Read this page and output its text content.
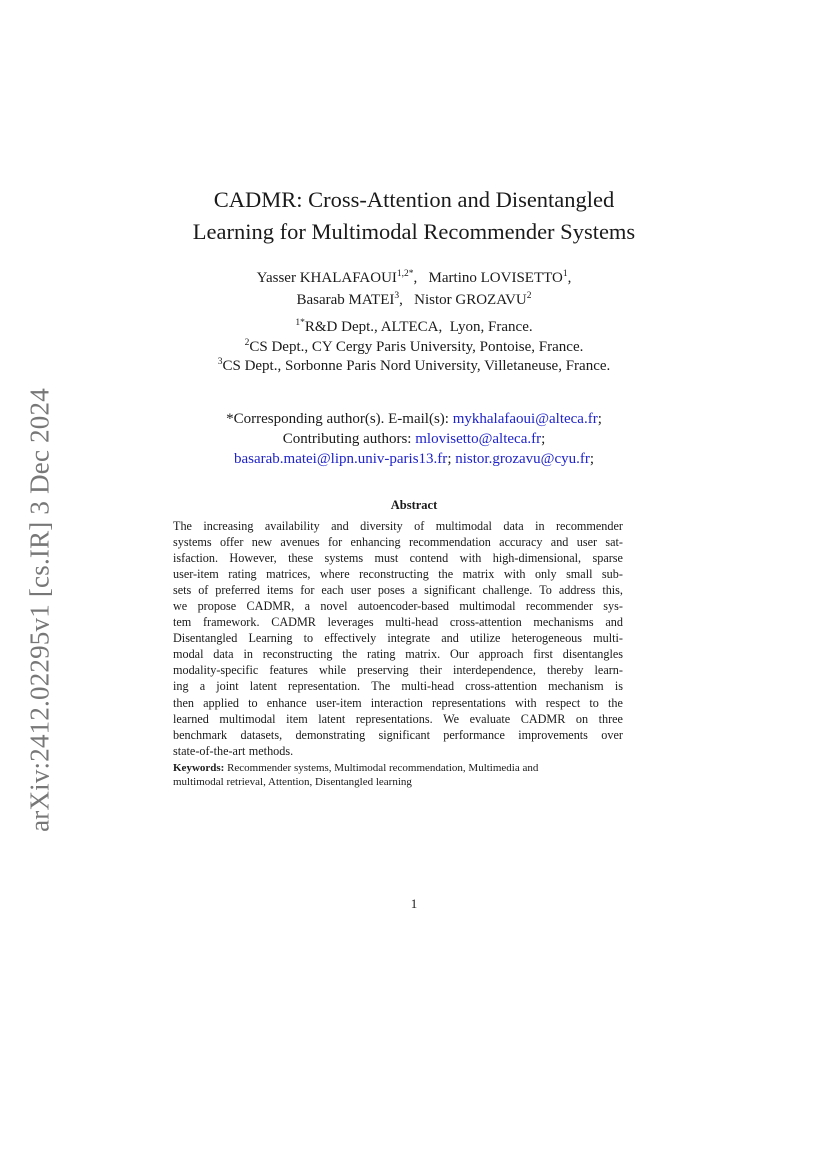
arXiv:2412.02295v1 [cs.IR] 3 Dec 2024
CADMR: Cross-Attention and Disentangled
Learning for Multimodal Recommender Systems
Yasser $KHALAFAOUI^{1,2*}$,   Martino LOVISETTO$^1$,
Basarab MATEI$^3$,   Nistor GROZAVU$^2$
$^{1*}$R&D Dept., ALTECA,  Lyon, France.
$^2$CS Dept., CY Cergy Paris University, Pontoise, France.
$^3$CS Dept., Sorbonne Paris Nord University, Villetaneuse, France.
*Corresponding author(s). E-mail(s): mykhalafaoui@alteca.fr;
Contributing authors: mlovisetto@alteca.fr;
basarab.matei@lipn.univ-paris13.fr; nistor.grozavu@cyu.fr;
Abstract
The increasing availability and diversity of multimodal data in recommender
systems offer new avenues for enhancing recommendation accuracy and user sat-
isfaction. However, these systems must contend with high-dimensional, sparse
user-item rating matrices, where reconstructing the matrix with only small sub-
sets of preferred items for each user poses a significant challenge. To address this,
we propose CADMR, a novel autoencoder-based multimodal recommender sys-
tem framework. CADMR leverages multi-head cross-attention mechanisms and
Disentangled Learning to effectively integrate and utilize heterogeneous multi-
modal data in reconstructing the rating matrix. Our approach first disentangles
modality-specific features while preserving their interdependence, thereby learn-
ing a joint latent representation. The multi-head cross-attention mechanism is
then applied to enhance user-item interaction representations with respect to the
learned multimodal item latent representations. We evaluate CADMR on three
benchmark datasets, demonstrating significant performance improvements over
state-of-the-art methods.
Keywords: Recommender systems, Multimodal recommendation, Multimedia and
multimodal retrieval, Attention, Disentangled learning
1
